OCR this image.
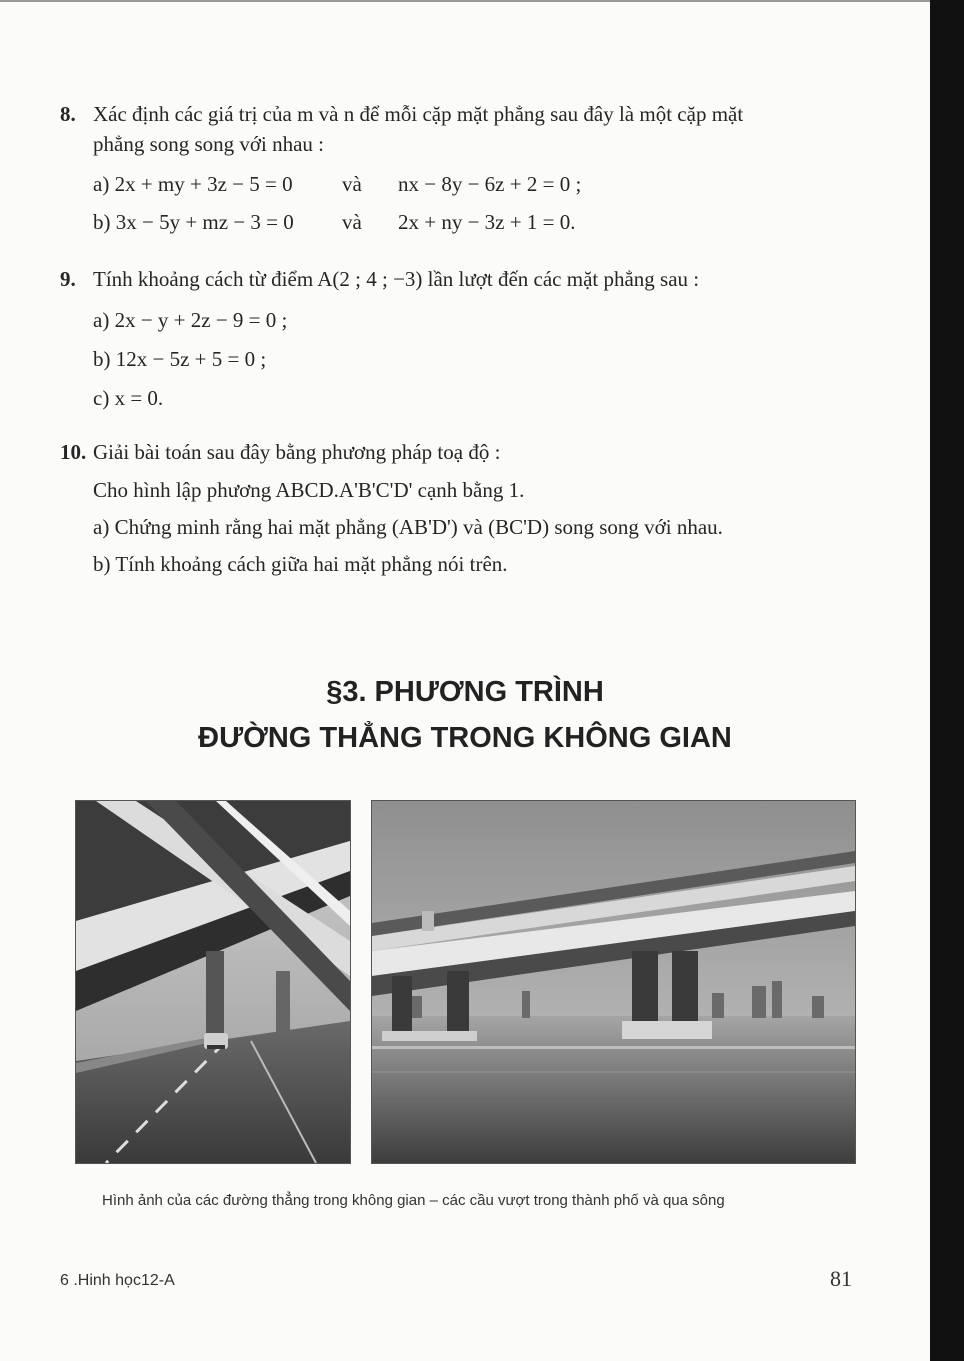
8. Xác định các giá trị của m và n để mỗi cặp mặt phẳng sau đây là một cặp mặt
phẳng song song với nhau :
a) 2x + my + 3z − 5 = 0 và nx − 8y − 6z + 2 = 0 ;
b) 3x − 5y + mz − 3 = 0 và 2x + ny − 3z + 1 = 0.
9. Tính khoảng cách từ điểm A(2 ; 4 ; −3) lần lượt đến các mặt phẳng sau :
a) 2x − y + 2z − 9 = 0 ;
b) 12x − 5z + 5 = 0 ;
c) x = 0.
10. Giải bài toán sau đây bằng phương pháp toạ độ :
Cho hình lập phương ABCD.A'B'C'D' cạnh bằng 1.
a) Chứng minh rằng hai mặt phẳng (AB'D') và (BC'D) song song với nhau.
b) Tính khoảng cách giữa hai mặt phẳng nói trên.
§3. PHƯƠNG TRÌNH
ĐƯỜNG THẲNG TRONG KHÔNG GIAN
Hình ảnh của các đường thẳng trong không gian – các cầu vượt trong thành phố và qua sông
6 .Hinh học12-A	81
